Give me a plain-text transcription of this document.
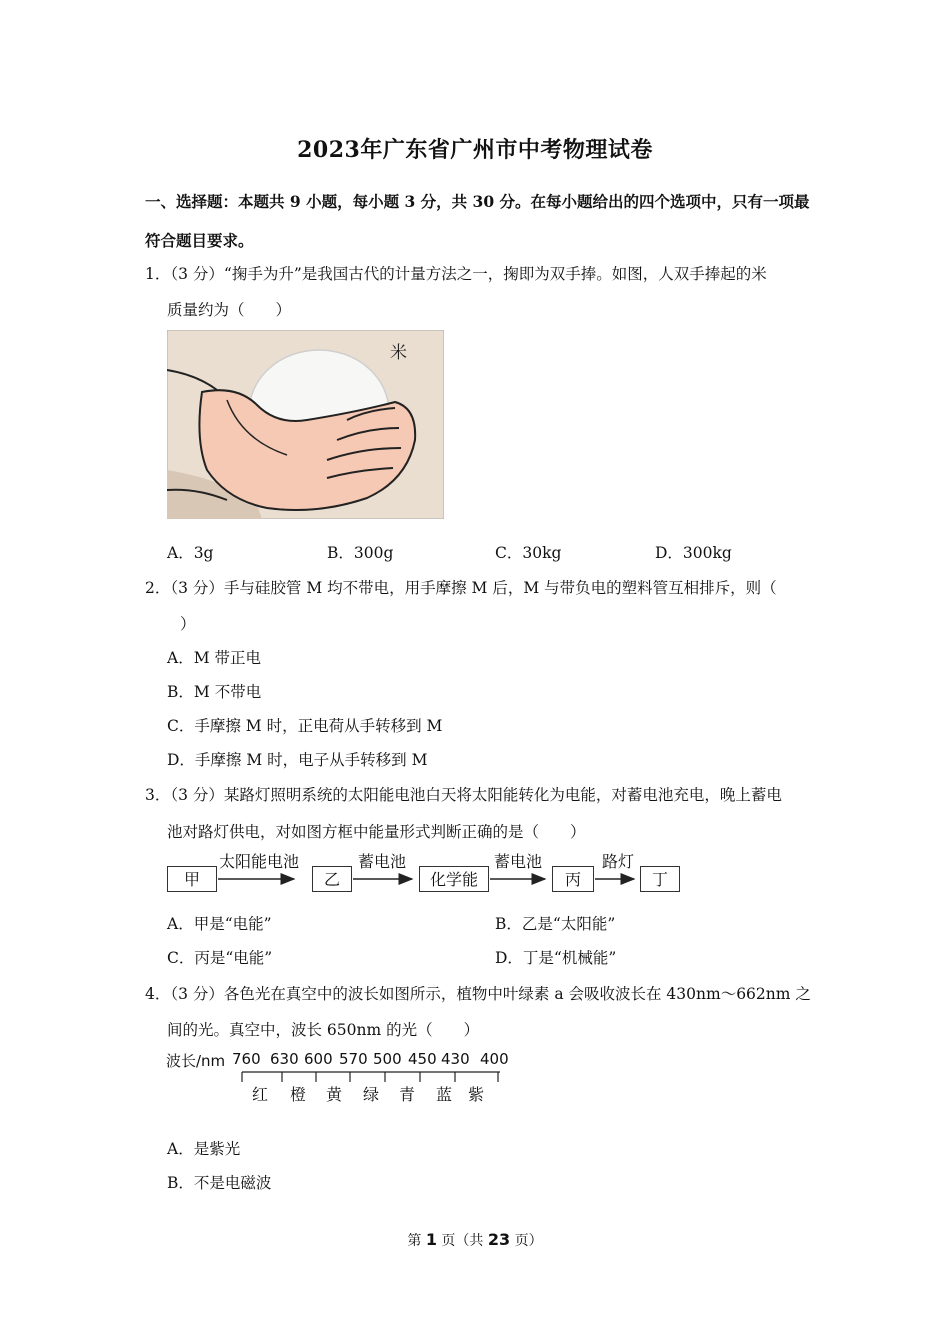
2023年广东省广州市中考物理试卷
一、选择题：本题共 9 小题，每小题 3 分，共 30 分。在每小题给出的四个选项中，只有一项最
符合题目要求。
1．（3 分）“掬手为升”是我国古代的计量方法之一，掬即为双手捧。如图，人双手捧起的米
质量约为（　　）
米
A．3g	B．300g	C．30kg	D．300kg
2．（3 分）手与硅胶管 M 均不带电，用手摩擦 M 后，M 与带负电的塑料管互相排斥，则（
）
A．M 带正电
B．M 不带电
C．手摩擦 M 时，正电荷从手转移到 M
D．手摩擦 M 时，电子从手转移到 M
3．（3 分）某路灯照明系统的太阳能电池白天将太阳能转化为电能，对蓄电池充电，晚上蓄电
池对路灯供电，对如图方框中能量形式判断正确的是（　　）
甲	乙	化学能	丙	丁
太阳能电池	蓄电池	蓄电池	路灯
A．甲是“电能”	B．乙是“太阳能”
C．丙是“电能”	D．丁是“机械能”
4．（3 分）各色光在真空中的波长如图所示，植物中叶绿素 a 会吸收波长在 430nm～662nm 之
间的光。真空中，波长 650nm 的光（　　）
波长/nm 760 630 600 570 500 450 430 400
红 橙 黄 绿 青 蓝 紫
A．是紫光
B．不是电磁波
第 1 页（共 23 页）
